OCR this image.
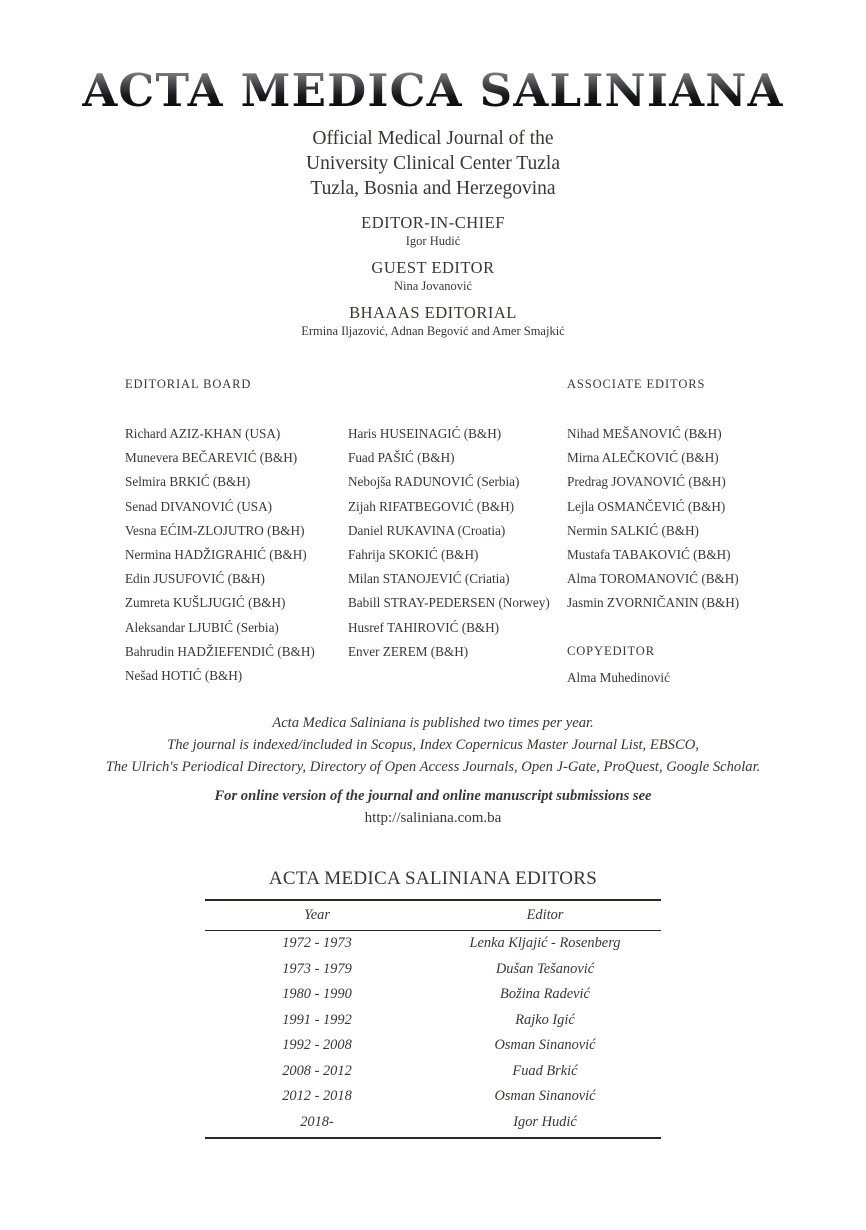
ACTA MEDICA SALINIANA
Official Medical Journal of the
University Clinical Center Tuzla
Tuzla, Bosnia and Herzegovina
EDITOR-IN-CHIEF
Igor Hudić
GUEST EDITOR
Nina Jovanović
BHAAAS EDITORIAL
Ermina Iljazović, Adnan Begović and Amer Smajkić
EDITORIAL BOARD
Richard AZIZ-KHAN (USA)
Munevera BEČAREVIĆ (B&H)
Selmira BRKIĆ (B&H)
Senad DIVANOVIĆ (USA)
Vesna EĆIM-ZLOJUTRO (B&H)
Nermina HADŽIGRAHIĆ (B&H)
Edin JUSUFOVIĆ (B&H)
Zumreta KUŠLJUGIĆ (B&H)
Aleksandar LJUBIĆ (Serbia)
Bahrudin HADŽIEFENDIĆ (B&H)
Nešad HOTIĆ (B&H)
Haris HUSEINAGIĆ (B&H)
Fuad PAŠIĆ (B&H)
Nebojša RADUNOVIĆ (Serbia)
Zijah RIFATBEGOVIĆ (B&H)
Daniel RUKAVINA (Croatia)
Fahrija SKOKIĆ (B&H)
Milan STANOJEVIĆ (Criatia)
Babill STRAY-PEDERSEN (Norwey)
Husref TAHIROVIĆ (B&H)
Enver ZEREM (B&H)
ASSOCIATE EDITORS
Nihad MEŠANOVIĆ (B&H)
Mirna ALEČKOVIĆ (B&H)
Predrag JOVANOVIĆ (B&H)
Lejla OSMANČEVIĆ (B&H)
Nermin SALKIĆ (B&H)
Mustafa TABAKOVIĆ (B&H)
Alma TOROMANOVIĆ (B&H)
Jasmin ZVORNIČANIN (B&H)
COPYEDITOR
Alma Muhedinović
Acta Medica Saliniana is published two times per year.
The journal is indexed/included in Scopus, Index Copernicus Master Journal List, EBSCO,
The Ulrich's Periodical Directory, Directory of Open Access Journals, Open J-Gate, ProQuest, Google Scholar.
For online version of the journal and online manuscript submissions see
http://saliniana.com.ba
ACTA MEDICA SALINIANA EDITORS
Year	Editor
1972 - 1973	Lenka Kljajić - Rosenberg
1973 - 1979	Dušan Tešanović
1980 - 1990	Božina Radević
1991 - 1992	Rajko Igić
1992 - 2008	Osman Sinanović
2008 - 2012	Fuad Brkić
2012 - 2018	Osman Sinanović
2018-	Igor Hudić
